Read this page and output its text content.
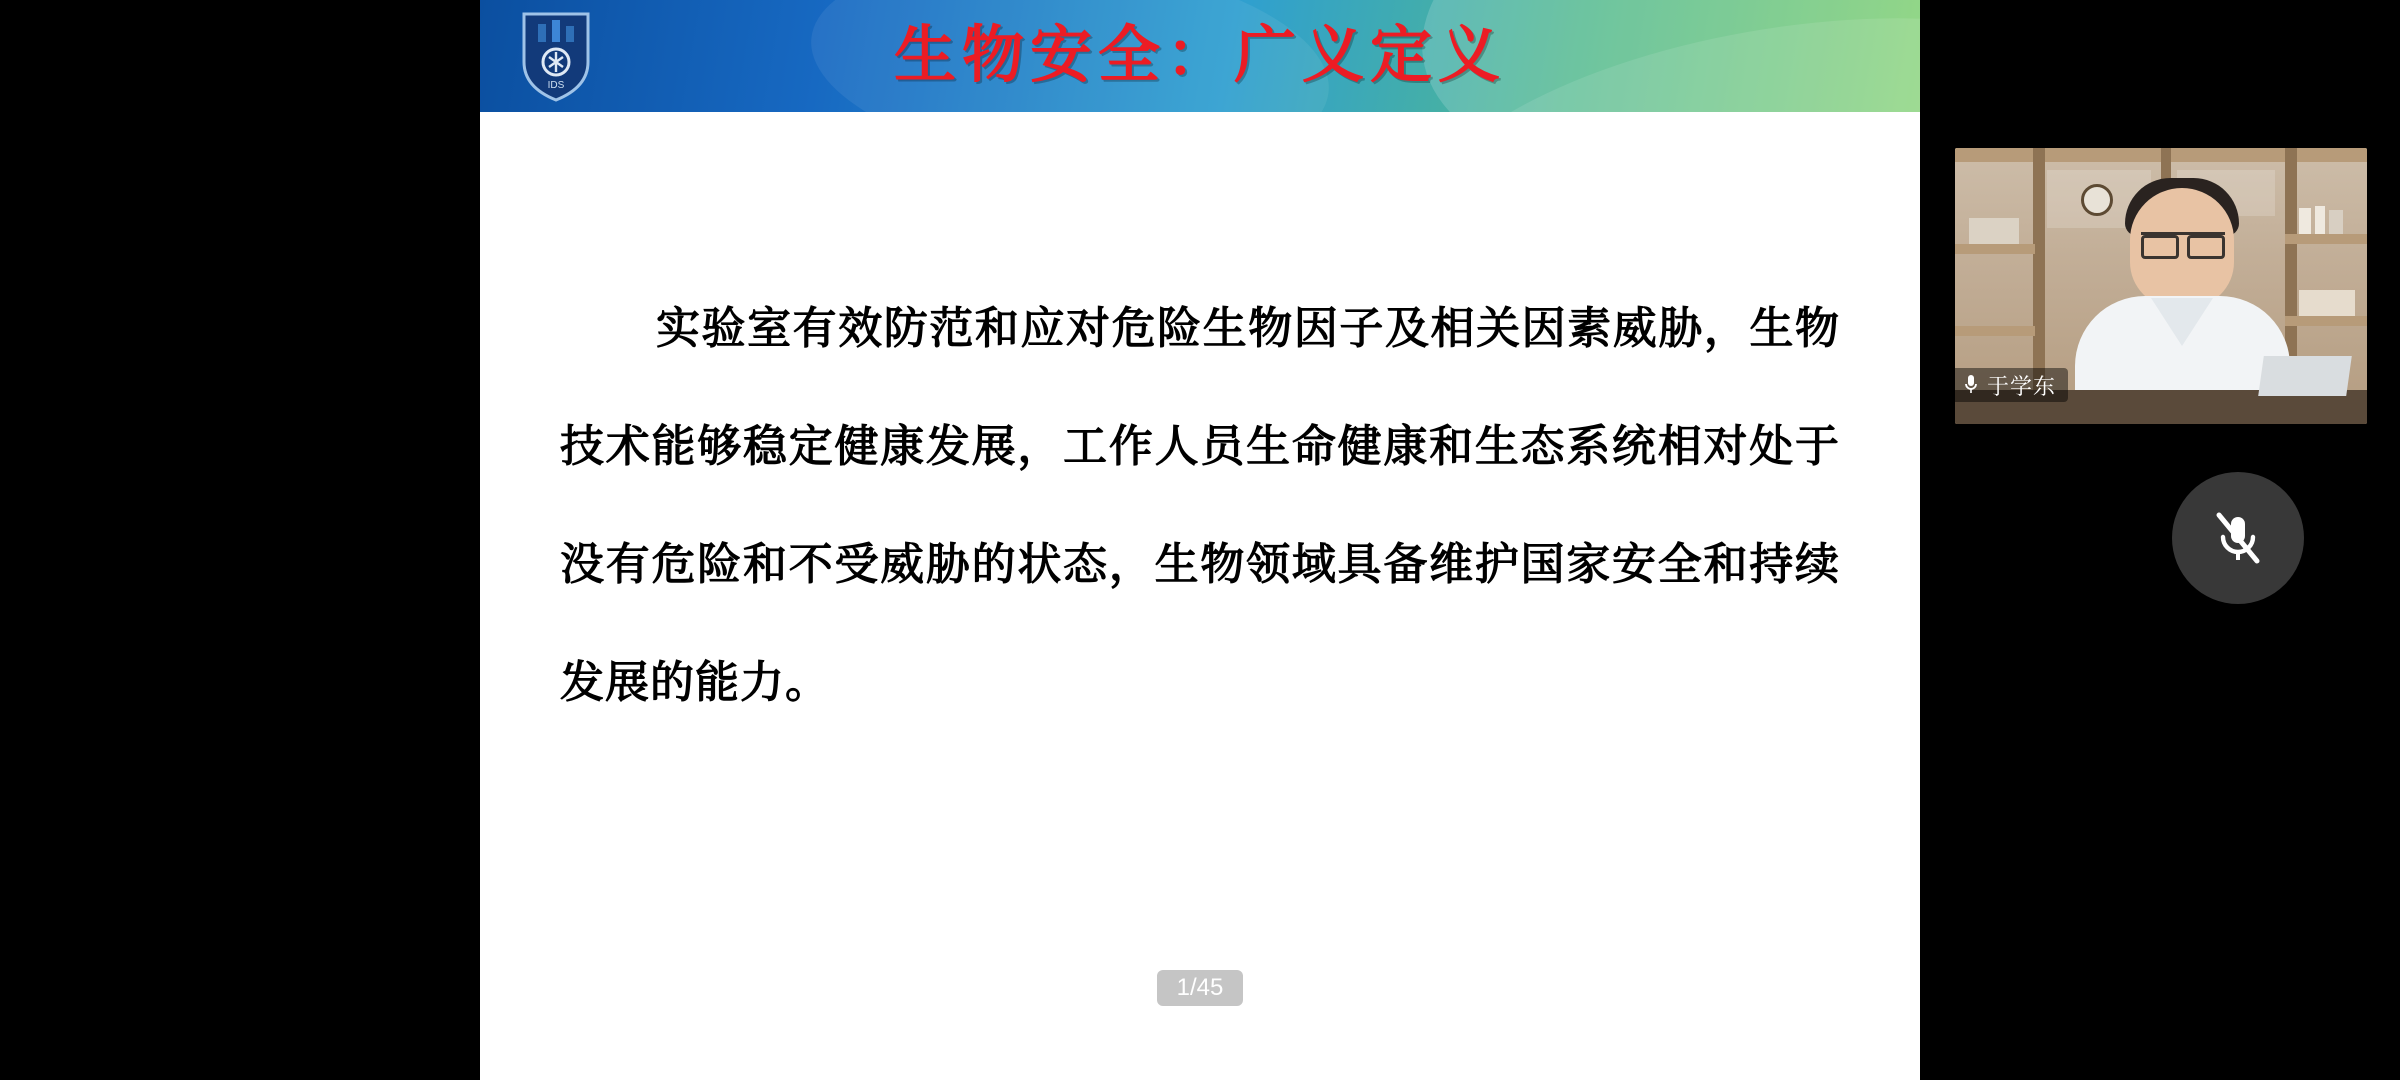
IDS	生物安全：广义定义
实验室有效防范和应对危险生物因子及相关因素威胁，生物技术能够稳定健康发展，工作人员生命健康和生态系统相对处于没有危险和不受威胁的状态，生物领域具备维护国家安全和持续发展的能力。
1/45
于学东
